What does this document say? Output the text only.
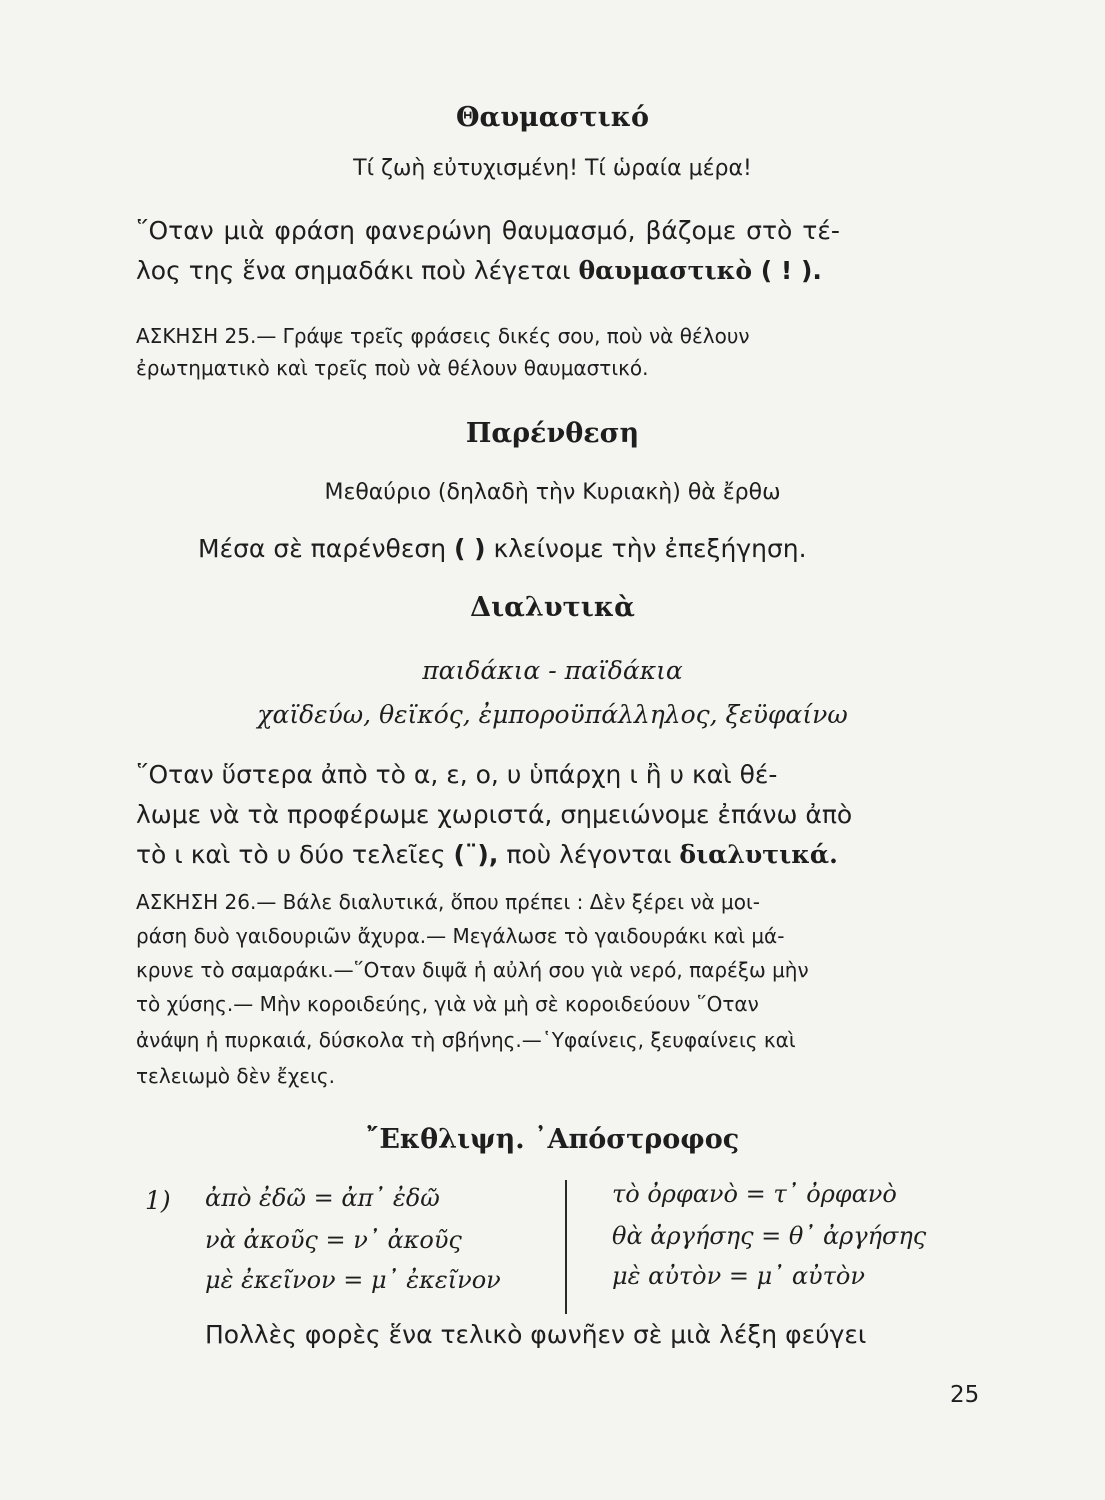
Θαυμαστικό
Τί ζωὴ εὐτυχισμένη! Τί ὡραία μέρα!
῞Οταν μιὰ φράση φανερώνη θαυμασμό, βάζομε στὸ τέ-
λος της ἕνα σημαδάκι ποὺ λέγεται θαυμαστικὸ ( ! ).
ΑΣΚΗΣΗ 25.— Γράψε τρεῖς φράσεις δικές σου, ποὺ νὰ θέλουν
ἐρωτηματικὸ καὶ τρεῖς ποὺ νὰ θέλουν θαυμαστικό.
Παρένθεση
Μεθαύριο (δηλαδὴ τὴν Κυριακὴ) θὰ ἔρθω
Μέσα σὲ παρένθεση ( ) κλείνομε τὴν ἐπεξήγηση.
Διαλυτικὰ
παιδάκια - παϊδάκια
χαϊδεύω, θεϊκός, ἐμποροϋπάλληλος, ξεϋφαίνω
῞Οταν ὕστερα ἀπὸ τὸ α, ε, ο, υ ὑπάρχη ι ἢ υ καὶ θέ-
λωμε νὰ τὰ προφέρωμε χωριστά, σημειώνομε ἐπάνω ἀπὸ
τὸ ι καὶ τὸ υ δύο τελεῖες (¨), ποὺ λέγονται διαλυτικά.
ΑΣΚΗΣΗ 26.— Βάλε διαλυτικά, ὅπου πρέπει : Δὲν ξέρει νὰ μοι-
ράση δυὸ γαιδουριῶν ἄχυρα.— Μεγάλωσε τὸ γαιδουράκι καὶ μά-
κρυνε τὸ σαμαράκι.—῞Οταν διψᾶ ἡ αὐλή σου γιὰ νερό, παρέξω μὴν
τὸ χύσης.— Μὴν κοροιδεύης, γιὰ νὰ μὴ σὲ κοροιδεύουν ῞Οταν
ἀνάψη ἡ πυρκαιά, δύσκολα τὴ σβήνης.—῾Υφαίνεις, ξευφαίνεις καὶ
τελειωμὸ δὲν ἔχεις.
῎Εκθλιψη. ᾿Απόστροφος
1) ἀπὸ ἐδῶ = ἀπ᾿ ἐδῶ
νὰ ἀκοῦς = ν᾿ ἀκοῦς
μὲ ἐκεῖνον = μ᾿ ἐκεῖνον
τὸ ὀρφανὸ = τ᾿ ὀρφανὸ
θὰ ἀργήσης = θ᾿ ἀργήσης
μὲ αὐτὸν = μ᾿ αὐτὸν
Πολλὲς φορὲς ἕνα τελικὸ φωνῆεν σὲ μιὰ λέξη φεύγει
25
